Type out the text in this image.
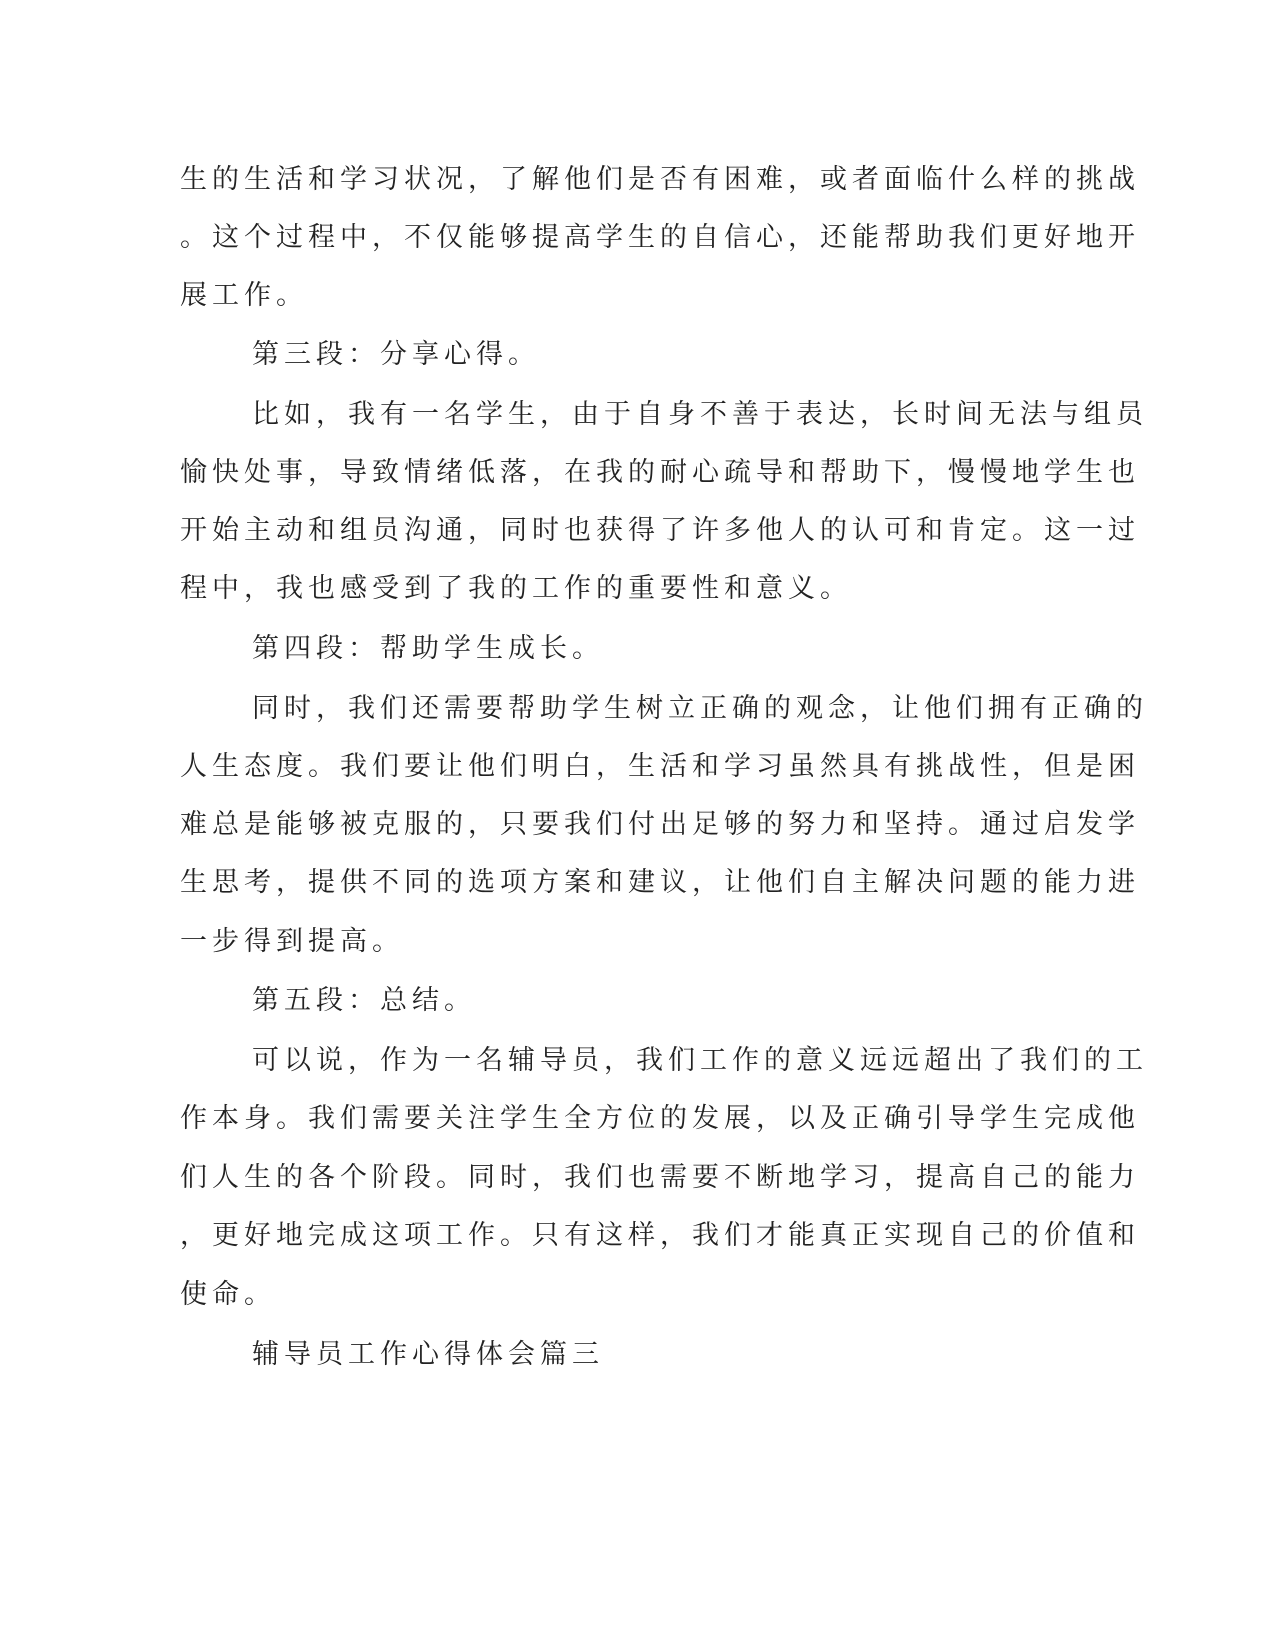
生的生活和学习状况，了解他们是否有困难，或者面临什么样的挑战
。这个过程中，不仅能够提高学生的自信心，还能帮助我们更好地开
展工作。
第三段：分享心得。
比如，我有一名学生，由于自身不善于表达，长时间无法与组员
愉快处事，导致情绪低落，在我的耐心疏导和帮助下，慢慢地学生也
开始主动和组员沟通，同时也获得了许多他人的认可和肯定。这一过
程中，我也感受到了我的工作的重要性和意义。
第四段：帮助学生成长。
同时，我们还需要帮助学生树立正确的观念，让他们拥有正确的
人生态度。我们要让他们明白，生活和学习虽然具有挑战性，但是困
难总是能够被克服的，只要我们付出足够的努力和坚持。通过启发学
生思考，提供不同的选项方案和建议，让他们自主解决问题的能力进
一步得到提高。
第五段：总结。
可以说，作为一名辅导员，我们工作的意义远远超出了我们的工
作本身。我们需要关注学生全方位的发展，以及正确引导学生完成他
们人生的各个阶段。同时，我们也需要不断地学习，提高自己的能力
，更好地完成这项工作。只有这样，我们才能真正实现自己的价值和
使命。
辅导员工作心得体会篇三
